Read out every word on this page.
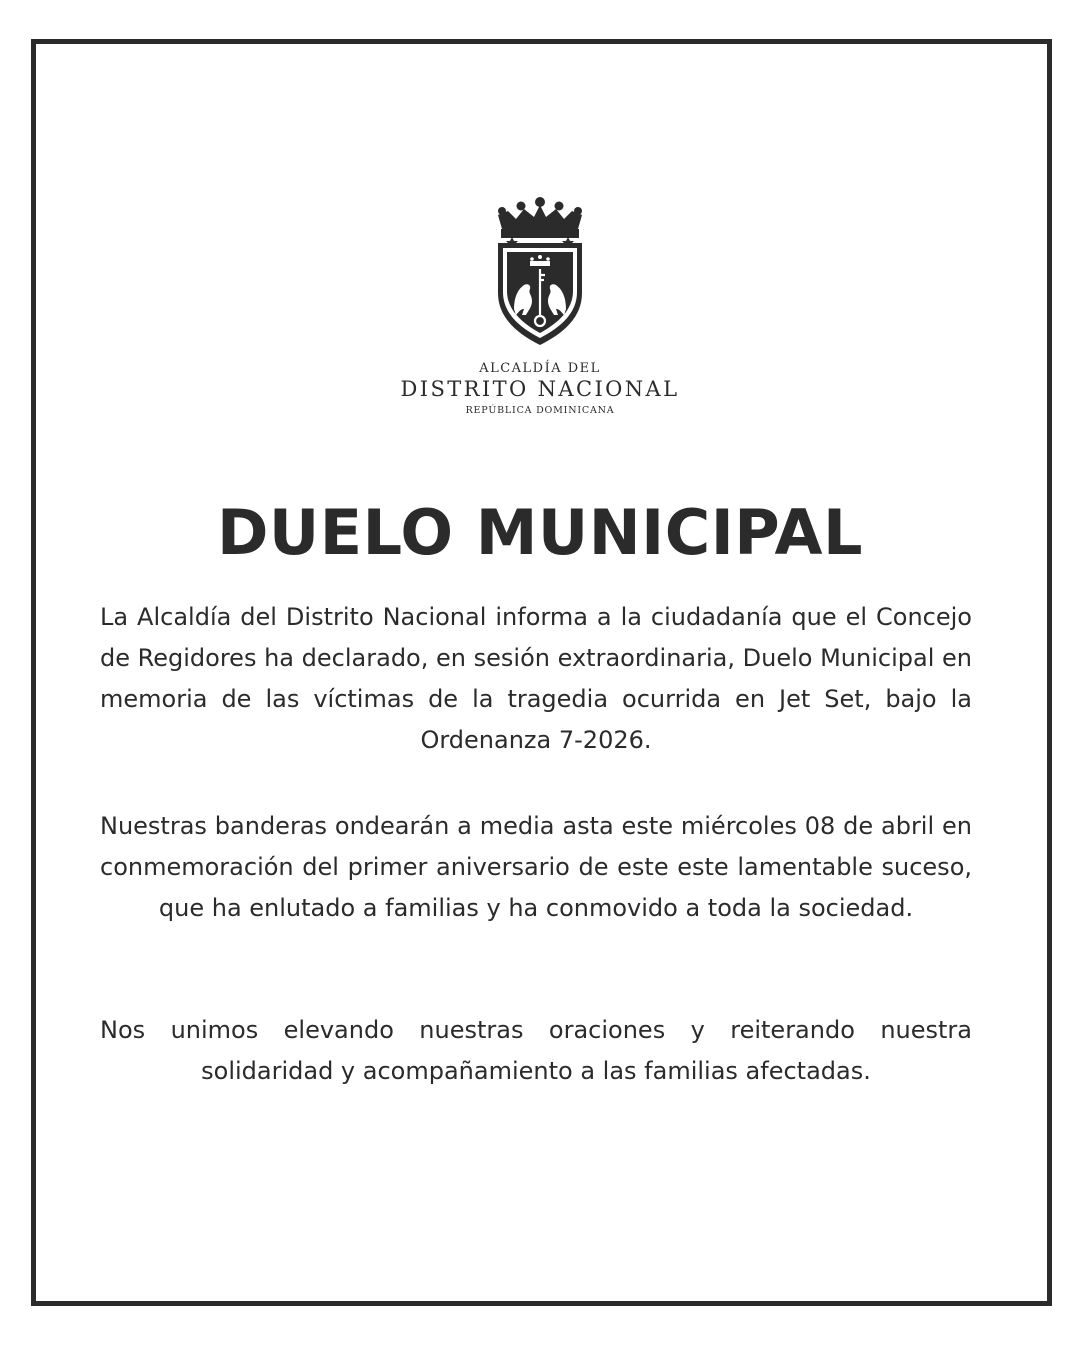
ALCALDÍA DEL
DISTRITO NACIONAL
REPÚBLICA DOMINICANA
DUELO MUNICIPAL
La Alcaldía del Distrito Nacional informa a la ciudadanía que el Concejo de Regidores ha declarado, en sesión extraordinaria, Duelo Municipal en memoria de las víctimas de la tragedia ocurrida en Jet Set, bajo la Ordenanza 7-2026.
Nuestras banderas ondearán a media asta este miércoles 08 de abril en conmemoración del primer aniversario de este este lamentable suceso, que ha enlutado a familias y ha conmovido a toda la sociedad.
Nos unimos elevando nuestras oraciones y reiterando nuestra solidaridad y acompañamiento a las familias afectadas.
